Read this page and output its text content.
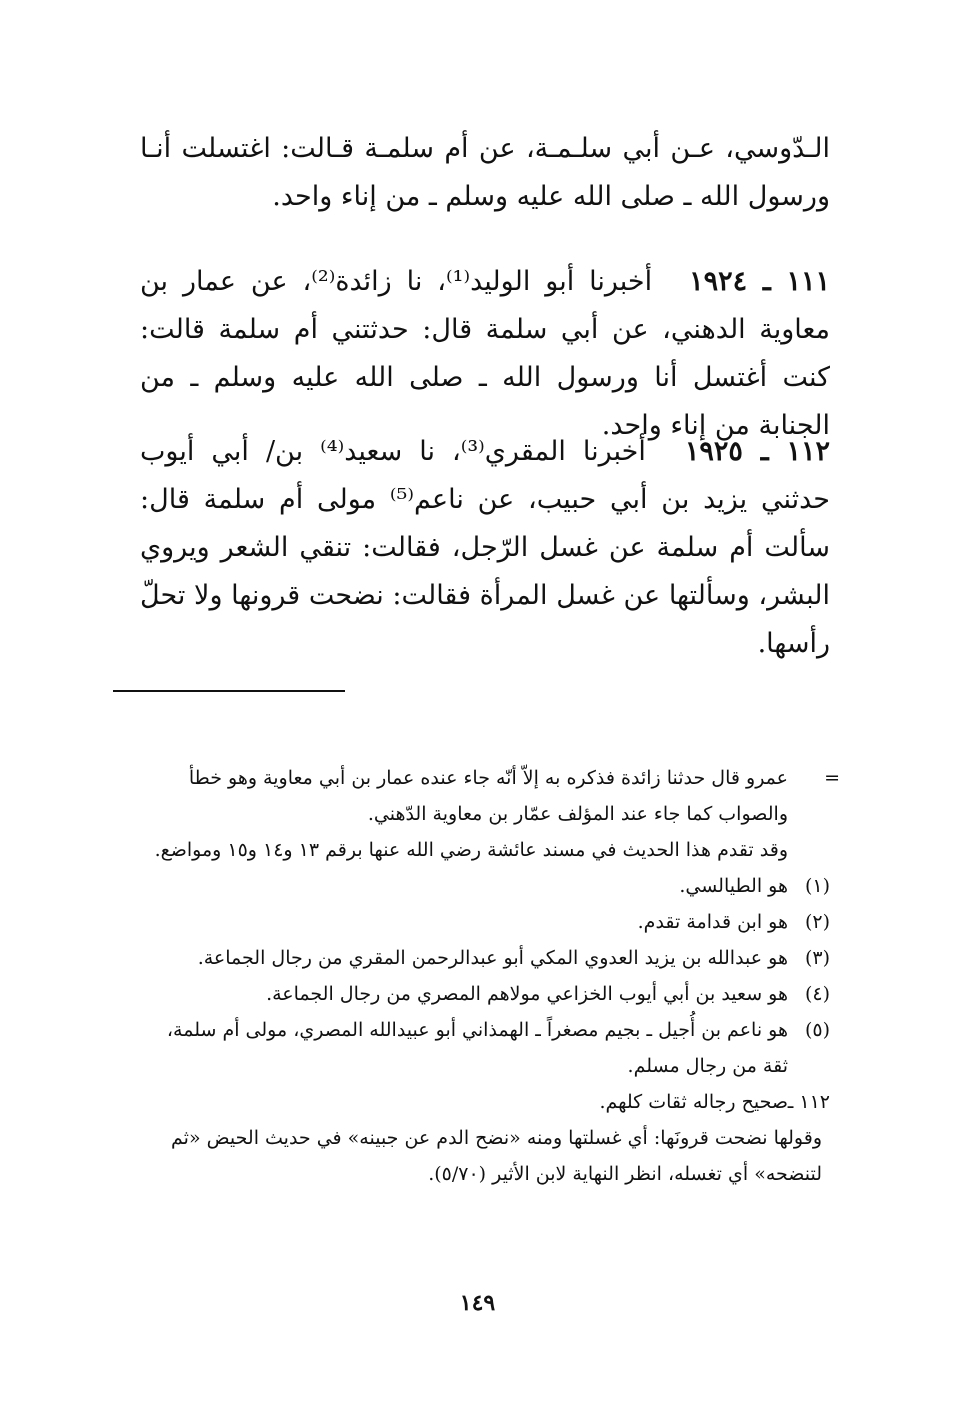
الـدّوسي، عـن أبي سلـمـة، عن أم سلمـة قـالت: اغتسلت أنـا ورسول الله ـ صلى الله عليه وسلم ـ من إناء واحد.

١١١ ـ ١٩٢٤ أخبرنا أبو الوليد⁽¹⁾، نا زائدة⁽²⁾، عن عمار بن معاوية الدهني، عن أبي سلمة قال: حدثتني أم سلمة قالت: كنت أغتسل أنا ورسول الله ـ صلى الله عليه وسلم ـ من الجنابة من إناء واحد.

١١٢ ـ ١٩٢٥ أخبرنا المقري⁽³⁾، نا سعيد⁽⁴⁾ بن/ أبي أيوب حدثني يزيد بن أبي حبيب، عن ناعم⁽⁵⁾ مولى أم سلمة قال: سألت أم سلمة عن غسل الرّجل، فقالت: تنقي الشعر ويروي البشر، وسألتها عن غسل المرأة فقالت: نضحت قرونها ولا تحلّ رأسها.

=
عمرو قال حدثنا زائدة فذكره به إلاّ أنّه جاء عنده عمار بن أبي معاوية وهو خطأ والصواب كما جاء عند المؤلف عمّار بن معاوية الدّهني.
وقد تقدم هذا الحديث في مسند عائشة رضي الله عنها برقم ١٣ و١٤ و١٥ ومواضع.
(١)
هو الطيالسي.
(٢)
هو ابن قدامة تقدم.
(٣)
هو عبدالله بن يزيد العدوي المكي أبو عبدالرحمن المقري من رجال الجماعة.
(٤)
هو سعيد بن أبي أيوب الخزاعي مولاهم المصري من رجال الجماعة.
(٥)
هو ناعم بن أُجيل ـ بجيم مصغراً ـ الهمذاني أبو عبيدالله المصري، مولى أم سلمة، ثقة من رجال مسلم.
١١٢ ـ
صحيح رجاله ثقات كلهم.
وقولها نضحت قرونَها: أي غسلتها ومنه «نضح الدم عن جبينه» في حديث الحيض «ثم لتنضحه» أي تغسله، انظر النهاية لابن الأثير (٥/٧٠).
١٤٩
